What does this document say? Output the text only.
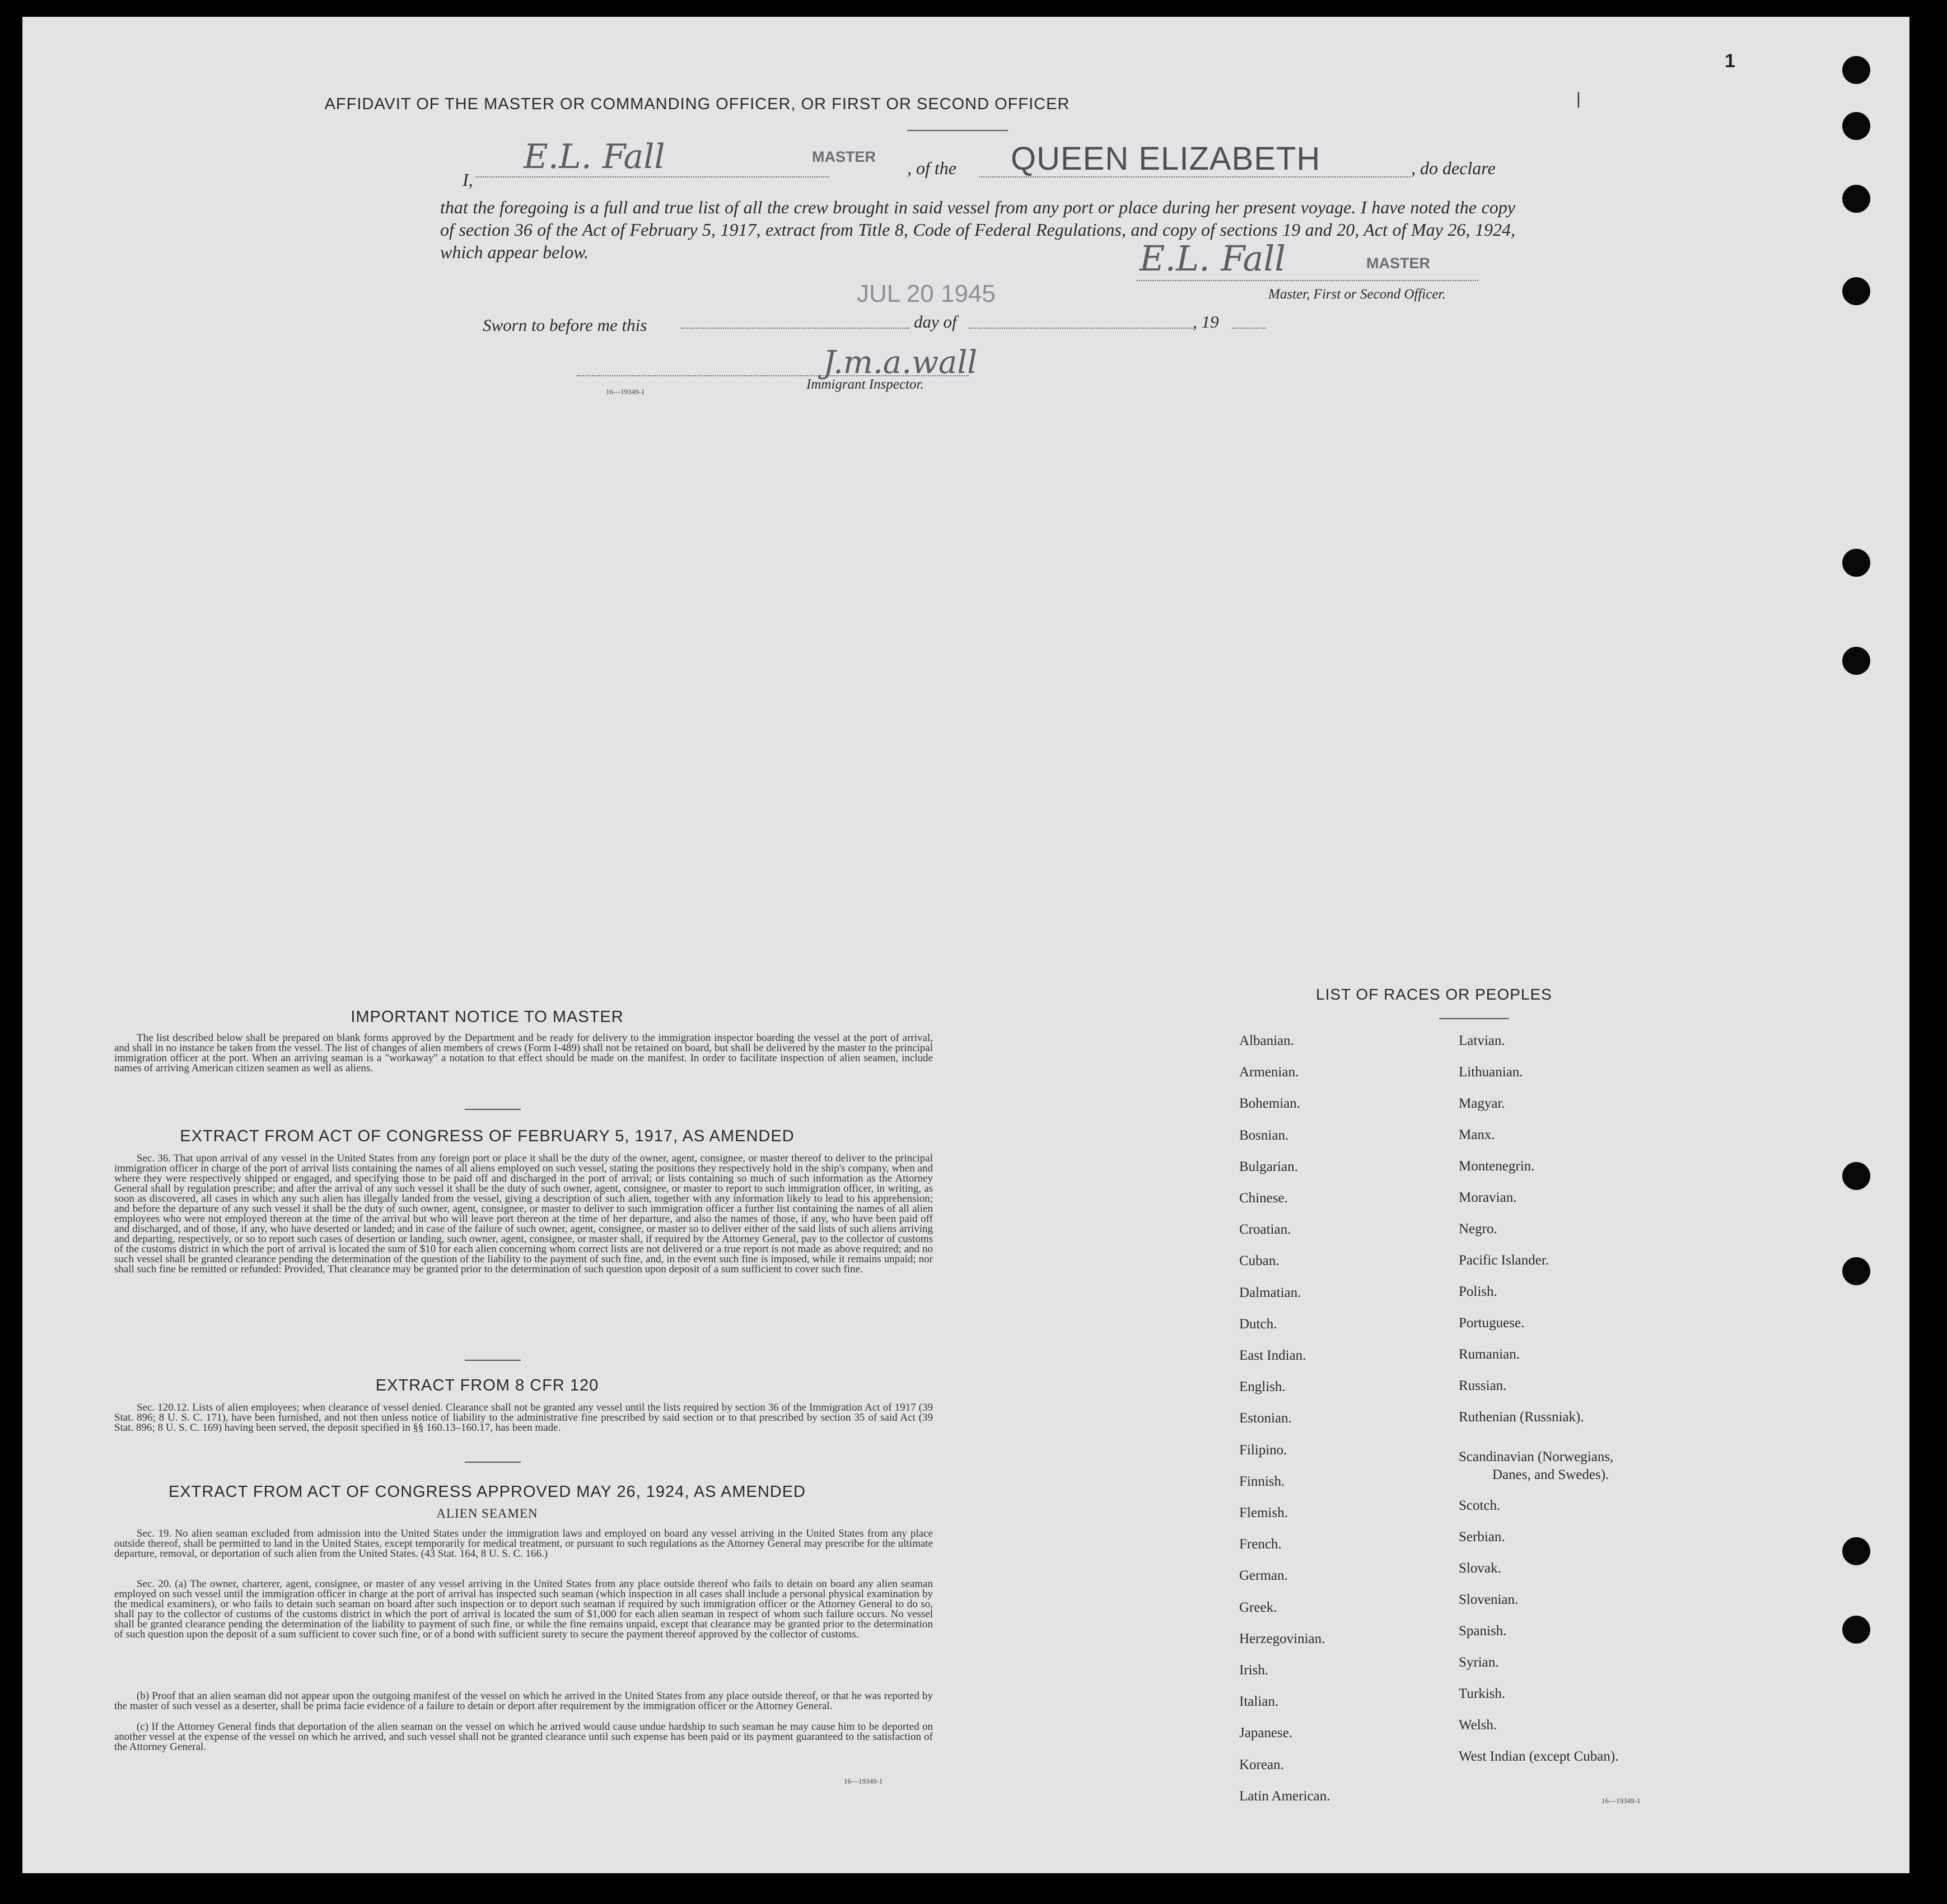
1
|
AFFIDAVIT OF THE MASTER OR COMMANDING OFFICER, OR FIRST OR SECOND OFFICER
I,
E.L. Fall	MASTER
, of the QUEEN ELIZABETH	, do declare
that the foregoing is a full and true list of all the crew brought in said vessel from any port or place during her present voyage. I have noted the copy of section 36 of the Act of February 5, 1917, extract from Title 8, Code of Federal Regulations, and copy of sections 19 and 20, Act of May 26, 1924, which appear below.	E.L. Fall	MASTER
Master, First or Second Officer.
JUL 20 1945
Sworn to before me this	day of	, 19
J.m.a.wall
Immigrant Inspector.
16—19349-1
IMPORTANT NOTICE TO MASTER
The list described below shall be prepared on blank forms approved by the Department and be ready for delivery to the immigration inspector boarding the vessel at the port of arrival, and shall in no instance be taken from the vessel. The list of changes of alien members of crews (Form I-489) shall not be retained on board, but shall be delivered by the master to the principal immigration officer at the port. When an arriving seaman is a "workaway" a notation to that effect should be made on the manifest. In order to facilitate inspection of alien seamen, include names of arriving American citizen seamen as well as aliens.
EXTRACT FROM ACT OF CONGRESS OF FEBRUARY 5, 1917, AS AMENDED
Sec. 36. That upon arrival of any vessel in the United States from any foreign port or place it shall be the duty of the owner, agent, consignee, or master thereof to deliver to the principal immigration officer in charge of the port of arrival lists containing the names of all aliens employed on such vessel, stating the positions they respectively hold in the ship's company, when and where they were respectively shipped or engaged, and specifying those to be paid off and discharged in the port of arrival; or lists containing so much of such information as the Attorney General shall by regulation prescribe; and after the arrival of any such vessel it shall be the duty of such owner, agent, consignee, or master to report to such immigration officer, in writing, as soon as discovered, all cases in which any such alien has illegally landed from the vessel, giving a description of such alien, together with any information likely to lead to his apprehension; and before the departure of any such vessel it shall be the duty of such owner, agent, consignee, or master to deliver to such immigration officer a further list containing the names of all alien employees who were not employed thereon at the time of the arrival but who will leave port thereon at the time of her departure, and also the names of those, if any, who have been paid off and discharged, and of those, if any, who have deserted or landed; and in case of the failure of such owner, agent, consignee, or master so to deliver either of the said lists of such aliens arriving and departing, respectively, or so to report such cases of desertion or landing, such owner, agent, consignee, or master shall, if required by the Attorney General, pay to the collector of customs of the customs district in which the port of arrival is located the sum of $10 for each alien concerning whom correct lists are not delivered or a true report is not made as above required; and no such vessel shall be granted clearance pending the determination of the question of the liability to the payment of such fine, and, in the event such fine is imposed, while it remains unpaid; nor shall such fine be remitted or refunded: Provided, That clearance may be granted prior to the determination of such question upon deposit of a sum sufficient to cover such fine.
EXTRACT FROM 8 CFR 120
Sec. 120.12. Lists of alien employees; when clearance of vessel denied. Clearance shall not be granted any vessel until the lists required by section 36 of the Immigration Act of 1917 (39 Stat. 896; 8 U. S. C. 171), have been furnished, and not then unless notice of liability to the administrative fine prescribed by said section or to that prescribed by section 35 of said Act (39 Stat. 896; 8 U. S. C. 169) having been served, the deposit specified in §§ 160.13–160.17, has been made.
EXTRACT FROM ACT OF CONGRESS APPROVED MAY 26, 1924, AS AMENDED
ALIEN SEAMEN
Sec. 19. No alien seaman excluded from admission into the United States under the immigration laws and employed on board any vessel arriving in the United States from any place outside thereof, shall be permitted to land in the United States, except temporarily for medical treatment, or pursuant to such regulations as the Attorney General may prescribe for the ultimate departure, removal, or deportation of such alien from the United States. (43 Stat. 164, 8 U. S. C. 166.)
Sec. 20. (a) The owner, charterer, agent, consignee, or master of any vessel arriving in the United States from any place outside thereof who fails to detain on board any alien seaman employed on such vessel until the immigration officer in charge at the port of arrival has inspected such seaman (which inspection in all cases shall include a personal physical examination by the medical examiners), or who fails to detain such seaman on board after such inspection or to deport such seaman if required by such immigration officer or the Attorney General to do so, shall pay to the collector of customs of the customs district in which the port of arrival is located the sum of $1,000 for each alien seaman in respect of whom such failure occurs. No vessel shall be granted clearance pending the determination of the liability to payment of such fine, or while the fine remains unpaid, except that clearance may be granted prior to the determination of such question upon the deposit of a sum sufficient to cover such fine, or of a bond with sufficient surety to secure the payment thereof approved by the collector of customs.
(b) Proof that an alien seaman did not appear upon the outgoing manifest of the vessel on which he arrived in the United States from any place outside thereof, or that he was reported by the master of such vessel as a deserter, shall be prima facie evidence of a failure to detain or deport after requirement by the immigration officer or the Attorney General.
(c) If the Attorney General finds that deportation of the alien seaman on the vessel on which he arrived would cause undue hardship to such seaman he may cause him to be deported on another vessel at the expense of the vessel on which he arrived, and such vessel shall not be granted clearance until such expense has been paid or its payment guaranteed to the satisfaction of the Attorney General.
16—19349-1
LIST OF RACES OR PEOPLES
Albanian.
Armenian.
Bohemian.
Bosnian.
Bulgarian.
Chinese.
Croatian.
Cuban.
Dalmatian.
Dutch.
East Indian.
English.
Estonian.
Filipino.
Finnish.
Flemish.
French.
German.
Greek.
Herzegovinian.
Irish.
Italian.
Japanese.
Korean.
Latin American.
Latvian.
Lithuanian.
Magyar.
Manx.
Montenegrin.
Moravian.
Negro.
Pacific Islander.
Polish.
Portuguese.
Rumanian.
Russian.
Ruthenian (Russniak).
Scandinavian (Norwegians,
Danes, and Swedes).
Scotch.
Serbian.
Slovak.
Slovenian.
Spanish.
Syrian.
Turkish.
Welsh.
West Indian (except Cuban).
16—19349-1
